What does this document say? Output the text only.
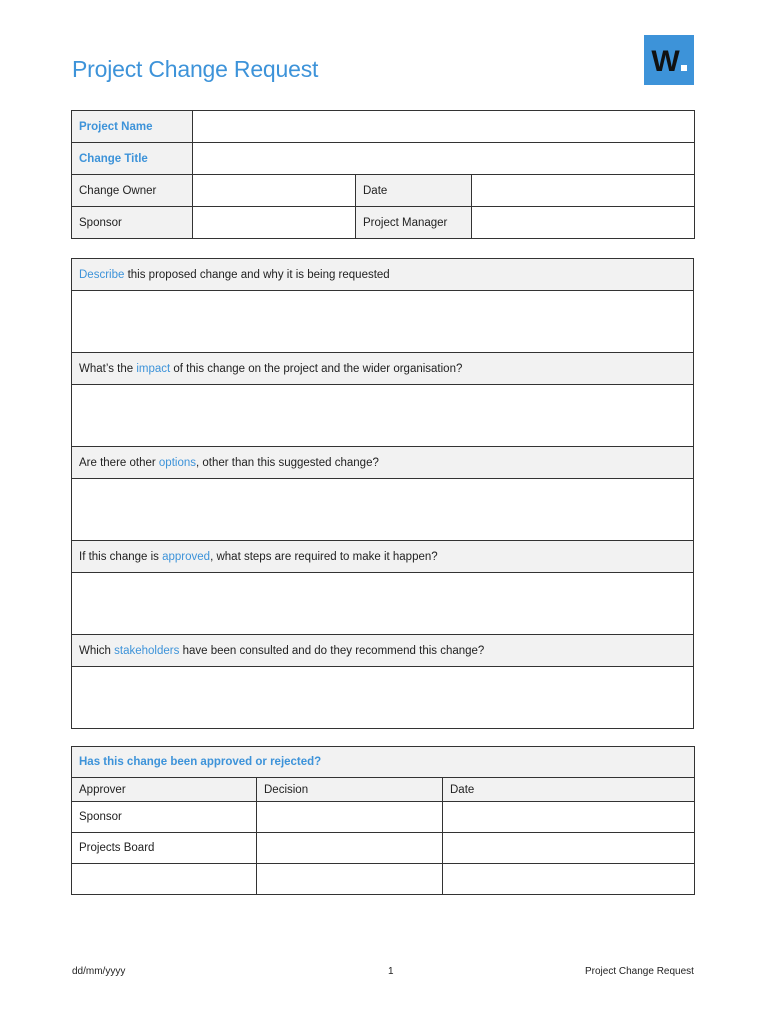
Project Change Request	W
Project Name			
Change Title			
Change Owner		Date	
Sponsor		Project Manager	
Describe this proposed change and why it is being requested

What’s the impact of this change on the project and the wider organisation?

Are there other options, other than this suggested change?

If this change is approved, what steps are required to make it happen?

Which stakeholders have been consulted and do they recommend this change?

Has this change been approved or rejected?		
Approver	Decision	Date
Sponsor		
Projects Board		

dd/mm/yyyy	1	Project Change Request
